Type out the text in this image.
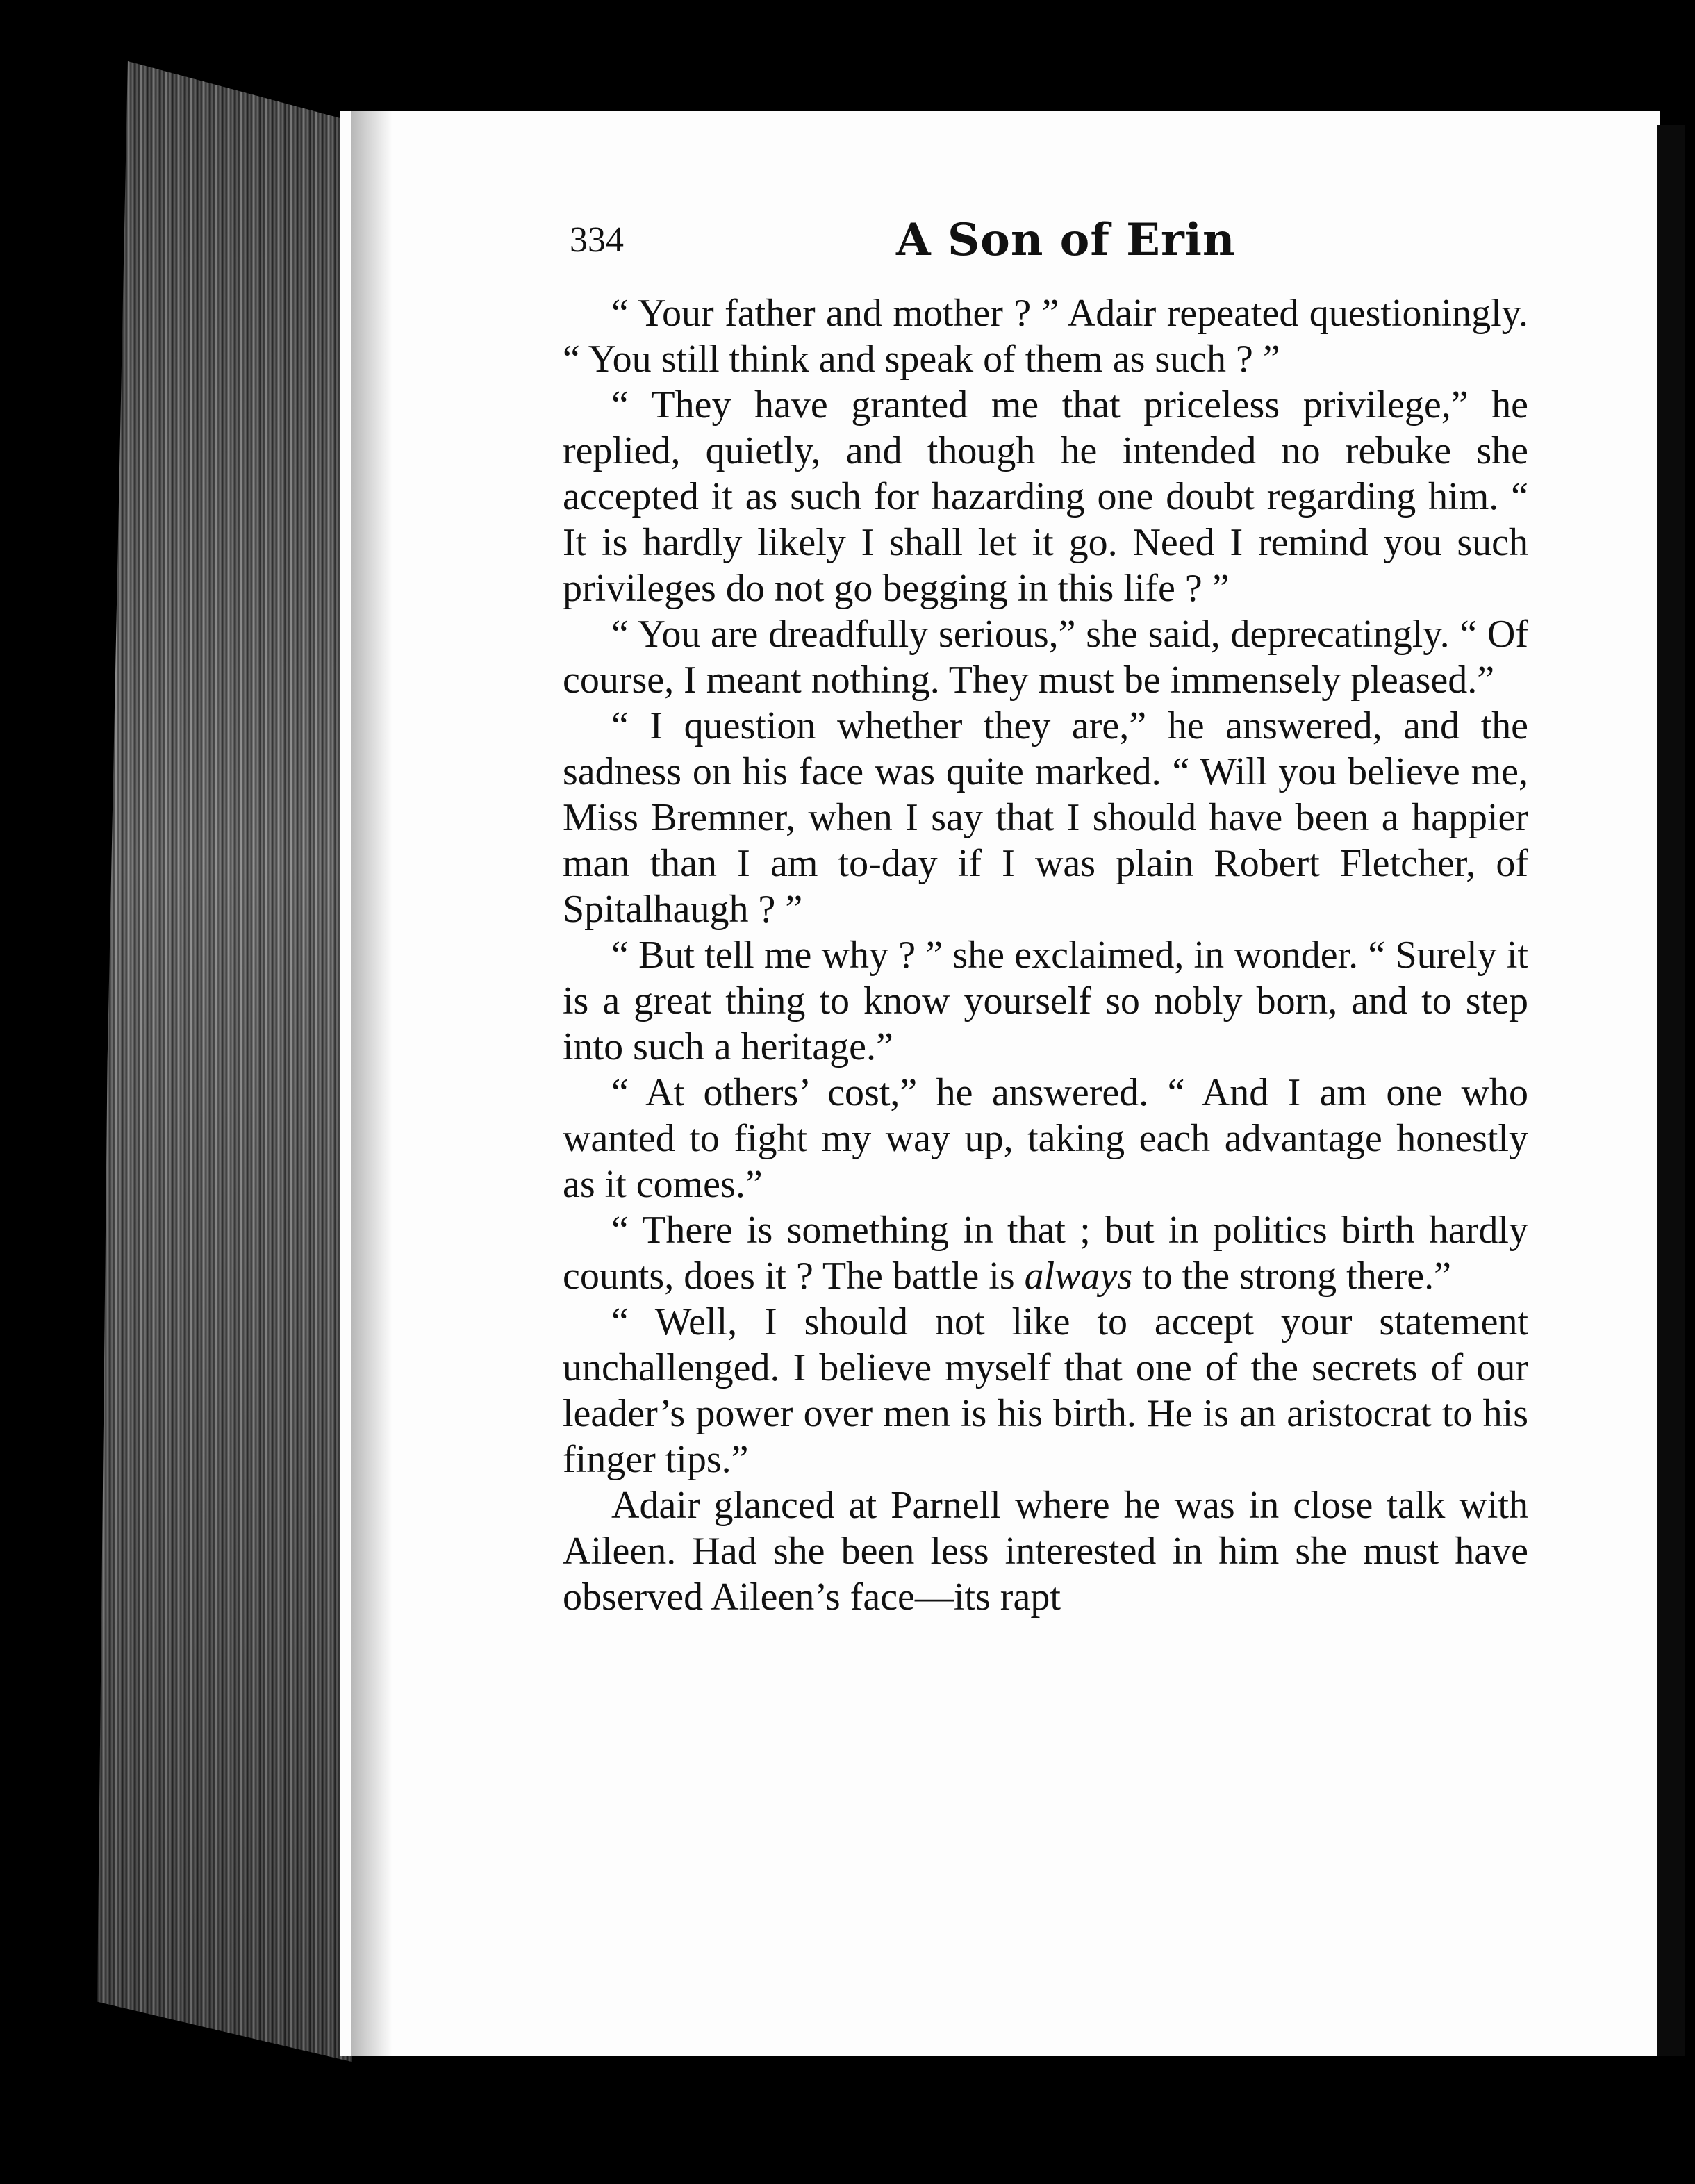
334	A Son of Erin

“ Your father and mother ? ” Adair repeated questioningly. “ You still think and speak of them as such ? ”

“ They have granted me that priceless privilege,” he replied, quietly, and though he intended no rebuke she accepted it as such for hazarding one doubt regarding him. “ It is hardly likely I shall let it go. Need I remind you such privileges do not go begging in this life ? ”

“ You are dreadfully serious,” she said, deprecatingly. “ Of course, I meant nothing. They must be immensely pleased.”

“ I question whether they are,” he answered, and the sadness on his face was quite marked. “ Will you believe me, Miss Bremner, when I say that I should have been a happier man than I am to-day if I was plain Robert Fletcher, of Spitalhaugh ? ”

“ But tell me why ? ” she exclaimed, in wonder. “ Surely it is a great thing to know yourself so nobly born, and to step into such a heritage.”

“ At others’ cost,” he answered. “ And I am one who wanted to fight my way up, taking each advantage honestly as it comes.”

“ There is something in that ; but in politics birth hardly counts, does it ? The battle is always to the strong there.”

“ Well, I should not like to accept your statement unchallenged. I believe myself that one of the secrets of our leader’s power over men is his birth. He is an aristocrat to his finger tips.”

Adair glanced at Parnell where he was in close talk with Aileen. Had she been less interested in him she must have observed Aileen’s face—its rapt
